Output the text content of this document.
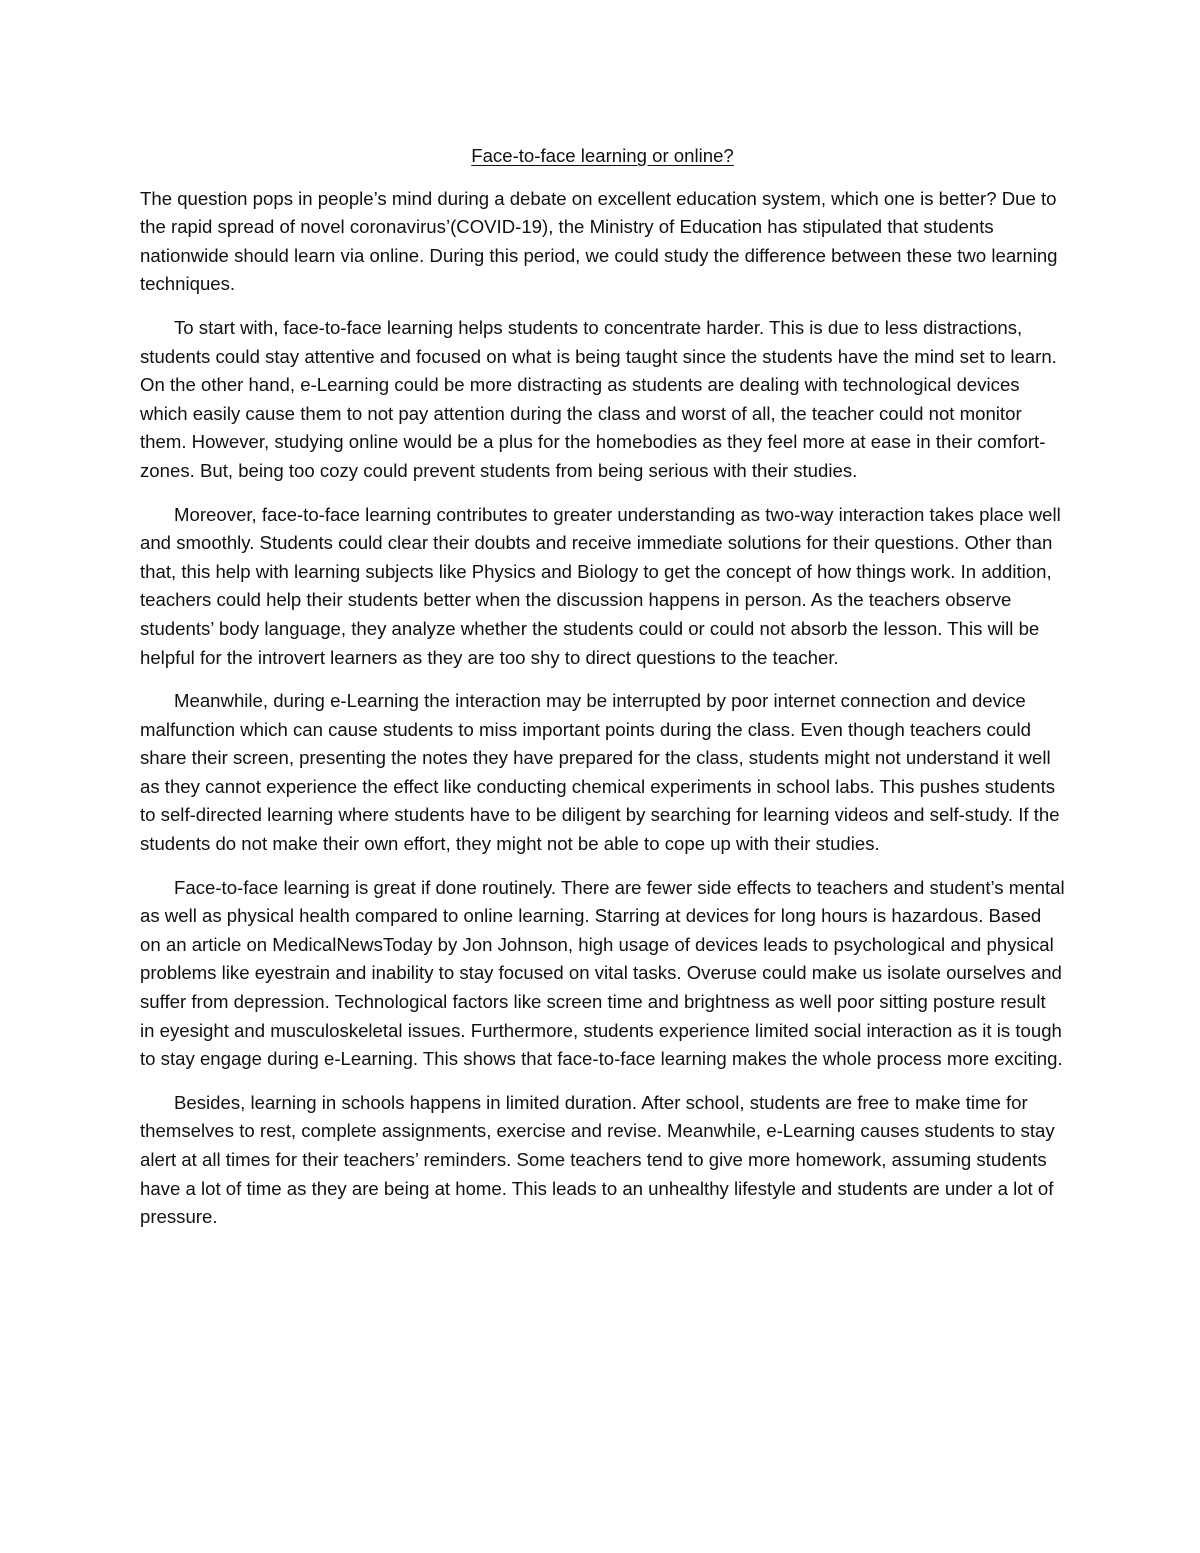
Face-to-face learning or online?

The question pops in people’s mind during a debate on excellent education system, which one is better? Due to the rapid spread of novel coronavirus’(COVID-19), the Ministry of Education has stipulated that students nationwide should learn via online. During this period, we could study the difference between these two learning techniques.

To start with, face-to-face learning helps students to concentrate harder. This is due to less distractions, students could stay attentive and focused on what is being taught since the students have the mind set to learn. On the other hand, e-Learning could be more distracting as students are dealing with technological devices which easily cause them to not pay attention during the class and worst of all, the teacher could not monitor them. However, studying online would be a plus for the homebodies as they feel more at ease in their comfort-zones. But, being too cozy could prevent students from being serious with their studies.

Moreover, face-to-face learning contributes to greater understanding as two-way interaction takes place well and smoothly. Students could clear their doubts and receive immediate solutions for their questions. Other than that, this help with learning subjects like Physics and Biology to get the concept of how things work. In addition, teachers could help their students better when the discussion happens in person. As the teachers observe students’ body language, they analyze whether the students could or could not absorb the lesson. This will be helpful for the introvert learners as they are too shy to direct questions to the teacher.

Meanwhile, during e-Learning the interaction may be interrupted by poor internet connection and device malfunction which can cause students to miss important points during the class. Even though teachers could share their screen, presenting the notes they have prepared for the class, students might not understand it well as they cannot experience the effect like conducting chemical experiments in school labs. This pushes students to self-directed learning where students have to be diligent by searching for learning videos and self-study. If the students do not make their own effort, they might not be able to cope up with their studies.

Face-to-face learning is great if done routinely. There are fewer side effects to teachers and student’s mental as well as physical health compared to online learning. Starring at devices for long hours is hazardous. Based on an article on MedicalNewsToday by Jon Johnson, high usage of devices leads to psychological and physical problems like eyestrain and inability to stay focused on vital tasks. Overuse could make us isolate ourselves and suffer from depression. Technological factors like screen time and brightness as well poor sitting posture result in eyesight and musculoskeletal issues. Furthermore, students experience limited social interaction as it is tough to stay engage during e-Learning. This shows that face-to-face learning makes the whole process more exciting.

Besides, learning in schools happens in limited duration. After school, students are free to make time for themselves to rest, complete assignments, exercise and revise. Meanwhile, e-Learning causes students to stay alert at all times for their teachers’ reminders. Some teachers tend to give more homework, assuming students have a lot of time as they are being at home. This leads to an unhealthy lifestyle and students are under a lot of pressure.
